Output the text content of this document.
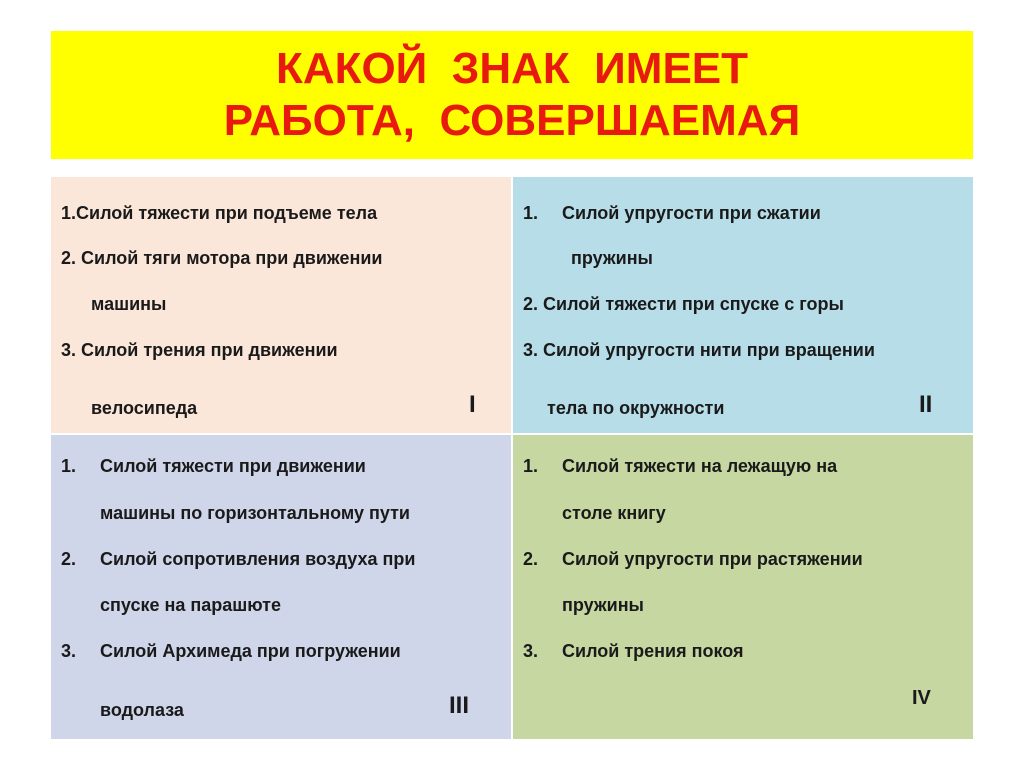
КАКОЙ  ЗНАК  ИМЕЕТ
РАБОТА,  СОВЕРШАЕМАЯ
1.Силой тяжести при подъеме тела
2. Силой тяги мотора при движении
машины
3. Силой трения при движении
велосипеда	I
1. Силой упругости при сжатии
пружины
2. Силой тяжести при спуске с горы
3. Силой упругости нити при вращении
тела по окружности	II
1. Силой тяжести при движении
машины по горизонтальному пути
2. Силой сопротивления воздуха при
спуске на парашюте
3. Силой Архимеда при погружении
водолаза	III
1. Силой тяжести на лежащую на
столе книгу
2. Силой упругости при растяжении
пружины
3. Силой трения покоя
IV
